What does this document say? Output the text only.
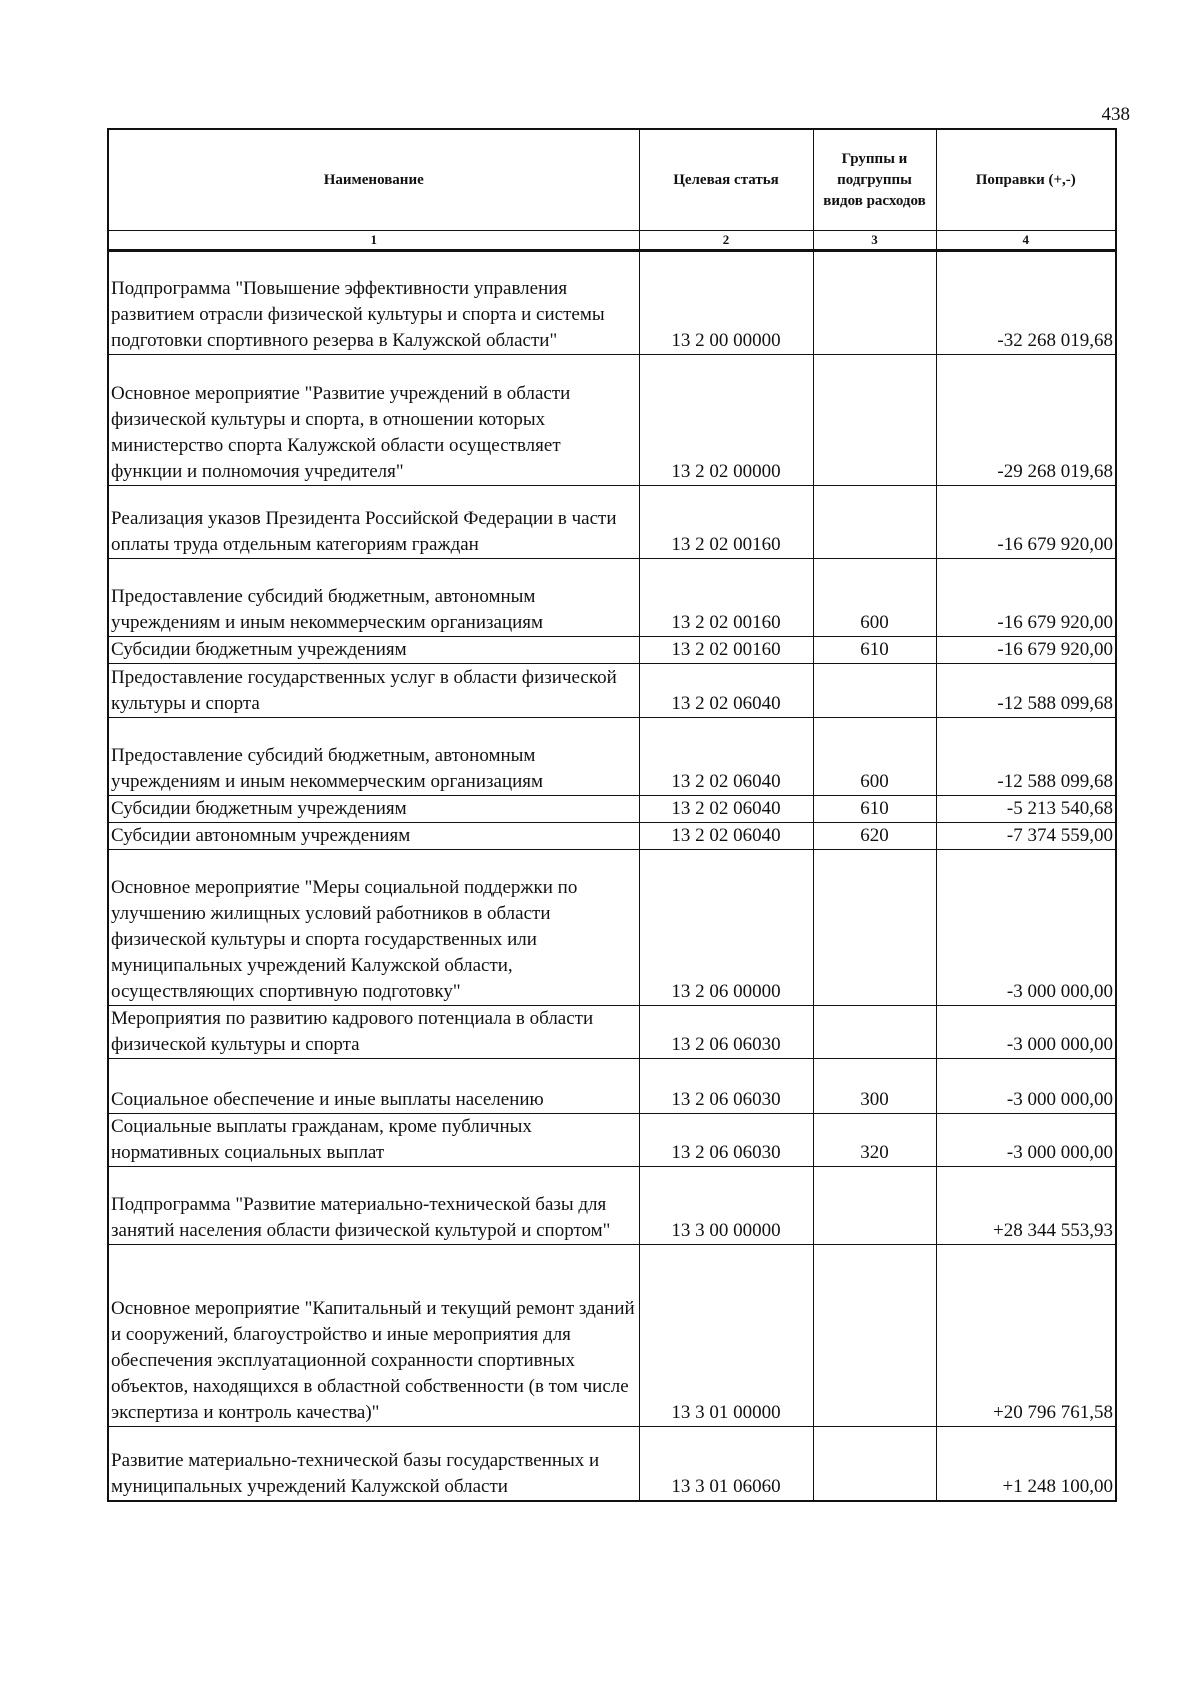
438
Наименование	Целевая статья	Группы и подгруппы видов расходов	Поправки (+,-)
1	2	3	4
Подпрограмма "Повышение эффективности управления развитием отрасли физической культуры и спорта и системы подготовки спортивного резерва в Калужской области"	13 2 00 00000		-32 268 019,68
Основное мероприятие "Развитие учреждений в области физической культуры и спорта, в отношении которых министерство спорта Калужской области осуществляет функции и полномочия учредителя"	13 2 02 00000		-29 268 019,68
Реализация указов Президента Российской Федерации в части оплаты труда отдельным категориям граждан	13 2 02 00160		-16 679 920,00
Предоставление субсидий бюджетным, автономным учреждениям и иным некоммерческим организациям	13 2 02 00160	600	-16 679 920,00
Субсидии бюджетным учреждениям	13 2 02 00160	610	-16 679 920,00
Предоставление государственных услуг в области физической культуры и спорта	13 2 02 06040		-12 588 099,68
Предоставление субсидий бюджетным, автономным учреждениям и иным некоммерческим организациям	13 2 02 06040	600	-12 588 099,68
Субсидии бюджетным учреждениям	13 2 02 06040	610	-5 213 540,68
Субсидии автономным учреждениям	13 2 02 06040	620	-7 374 559,00
Основное мероприятие "Меры социальной поддержки по улучшению жилищных условий работников в области физической культуры и спорта государственных или муниципальных учреждений Калужской области, осуществляющих спортивную подготовку"	13 2 06 00000		-3 000 000,00
Мероприятия по развитию кадрового потенциала в области физической культуры и спорта	13 2 06 06030		-3 000 000,00
Социальное обеспечение и иные выплаты населению	13 2 06 06030	300	-3 000 000,00
Социальные выплаты гражданам, кроме публичных нормативных социальных выплат	13 2 06 06030	320	-3 000 000,00
Подпрограмма "Развитие материально-технической базы для занятий населения области физической культурой и спортом"	13 3 00 00000		+28 344 553,93
Основное мероприятие "Капитальный и текущий ремонт зданий и сооружений, благоустройство и иные мероприятия для обеспечения эксплуатационной сохранности спортивных объектов, находящихся в областной собственности (в том числе экспертиза и контроль качества)"	13 3 01 00000		+20 796 761,58
Развитие материально-технической базы государственных и муниципальных учреждений Калужской области	13 3 01 06060		+1 248 100,00
